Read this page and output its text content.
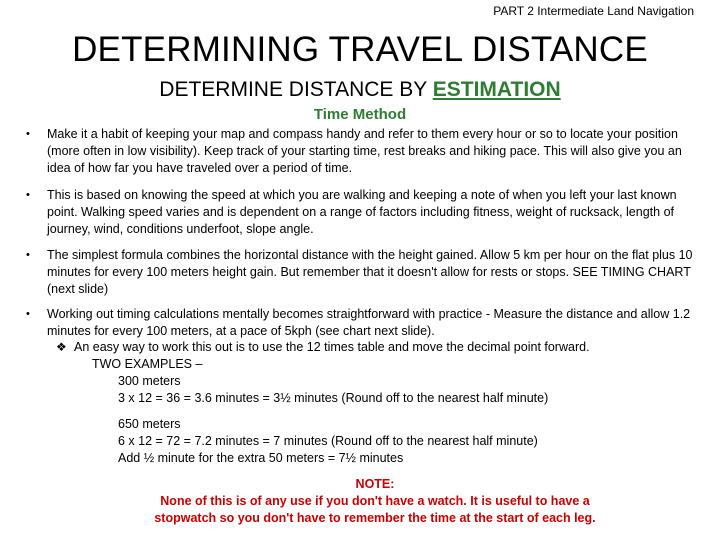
PART 2 Intermediate Land Navigation
DETERMINING TRAVEL DISTANCE
DETERMINE DISTANCE BY ESTIMATION
Time Method
• Make it a habit of keeping your map and compass handy and refer to them every hour or so to locate your position (more often in low visibility). Keep track of your starting time, rest breaks and hiking pace. This will also give you an idea of how far you have traveled over a period of time.
• This is based on knowing the speed at which you are walking and keeping a note of when you left your last known point. Walking speed varies and is dependent on a range of factors including fitness, weight of rucksack, length of journey, wind, conditions underfoot, slope angle.
• The simplest formula combines the horizontal distance with the height gained. Allow 5 km per hour on the flat plus 10 minutes for every 100 meters height gain. But remember that it doesn't allow for rests or stops. SEE TIMING CHART (next slide)
• Working out timing calculations mentally becomes straightforward with practice - Measure the distance and allow 1.2 minutes for every 100 meters, at a pace of 5kph (see chart next slide).
❖ An easy way to work this out is to use the 12 times table and move the decimal point forward.
TWO EXAMPLES –
300 meters
3 x 12 = 36 = 3.6 minutes = 3½ minutes (Round off to the nearest half minute)
650 meters
6 x 12 = 72 = 7.2 minutes = 7 minutes (Round off to the nearest half minute)
Add ½ minute for the extra 50 meters = 7½ minutes
NOTE:
None of this is of any use if you don't have a watch. It is useful to have a
stopwatch so you don't have to remember the time at the start of each leg.
